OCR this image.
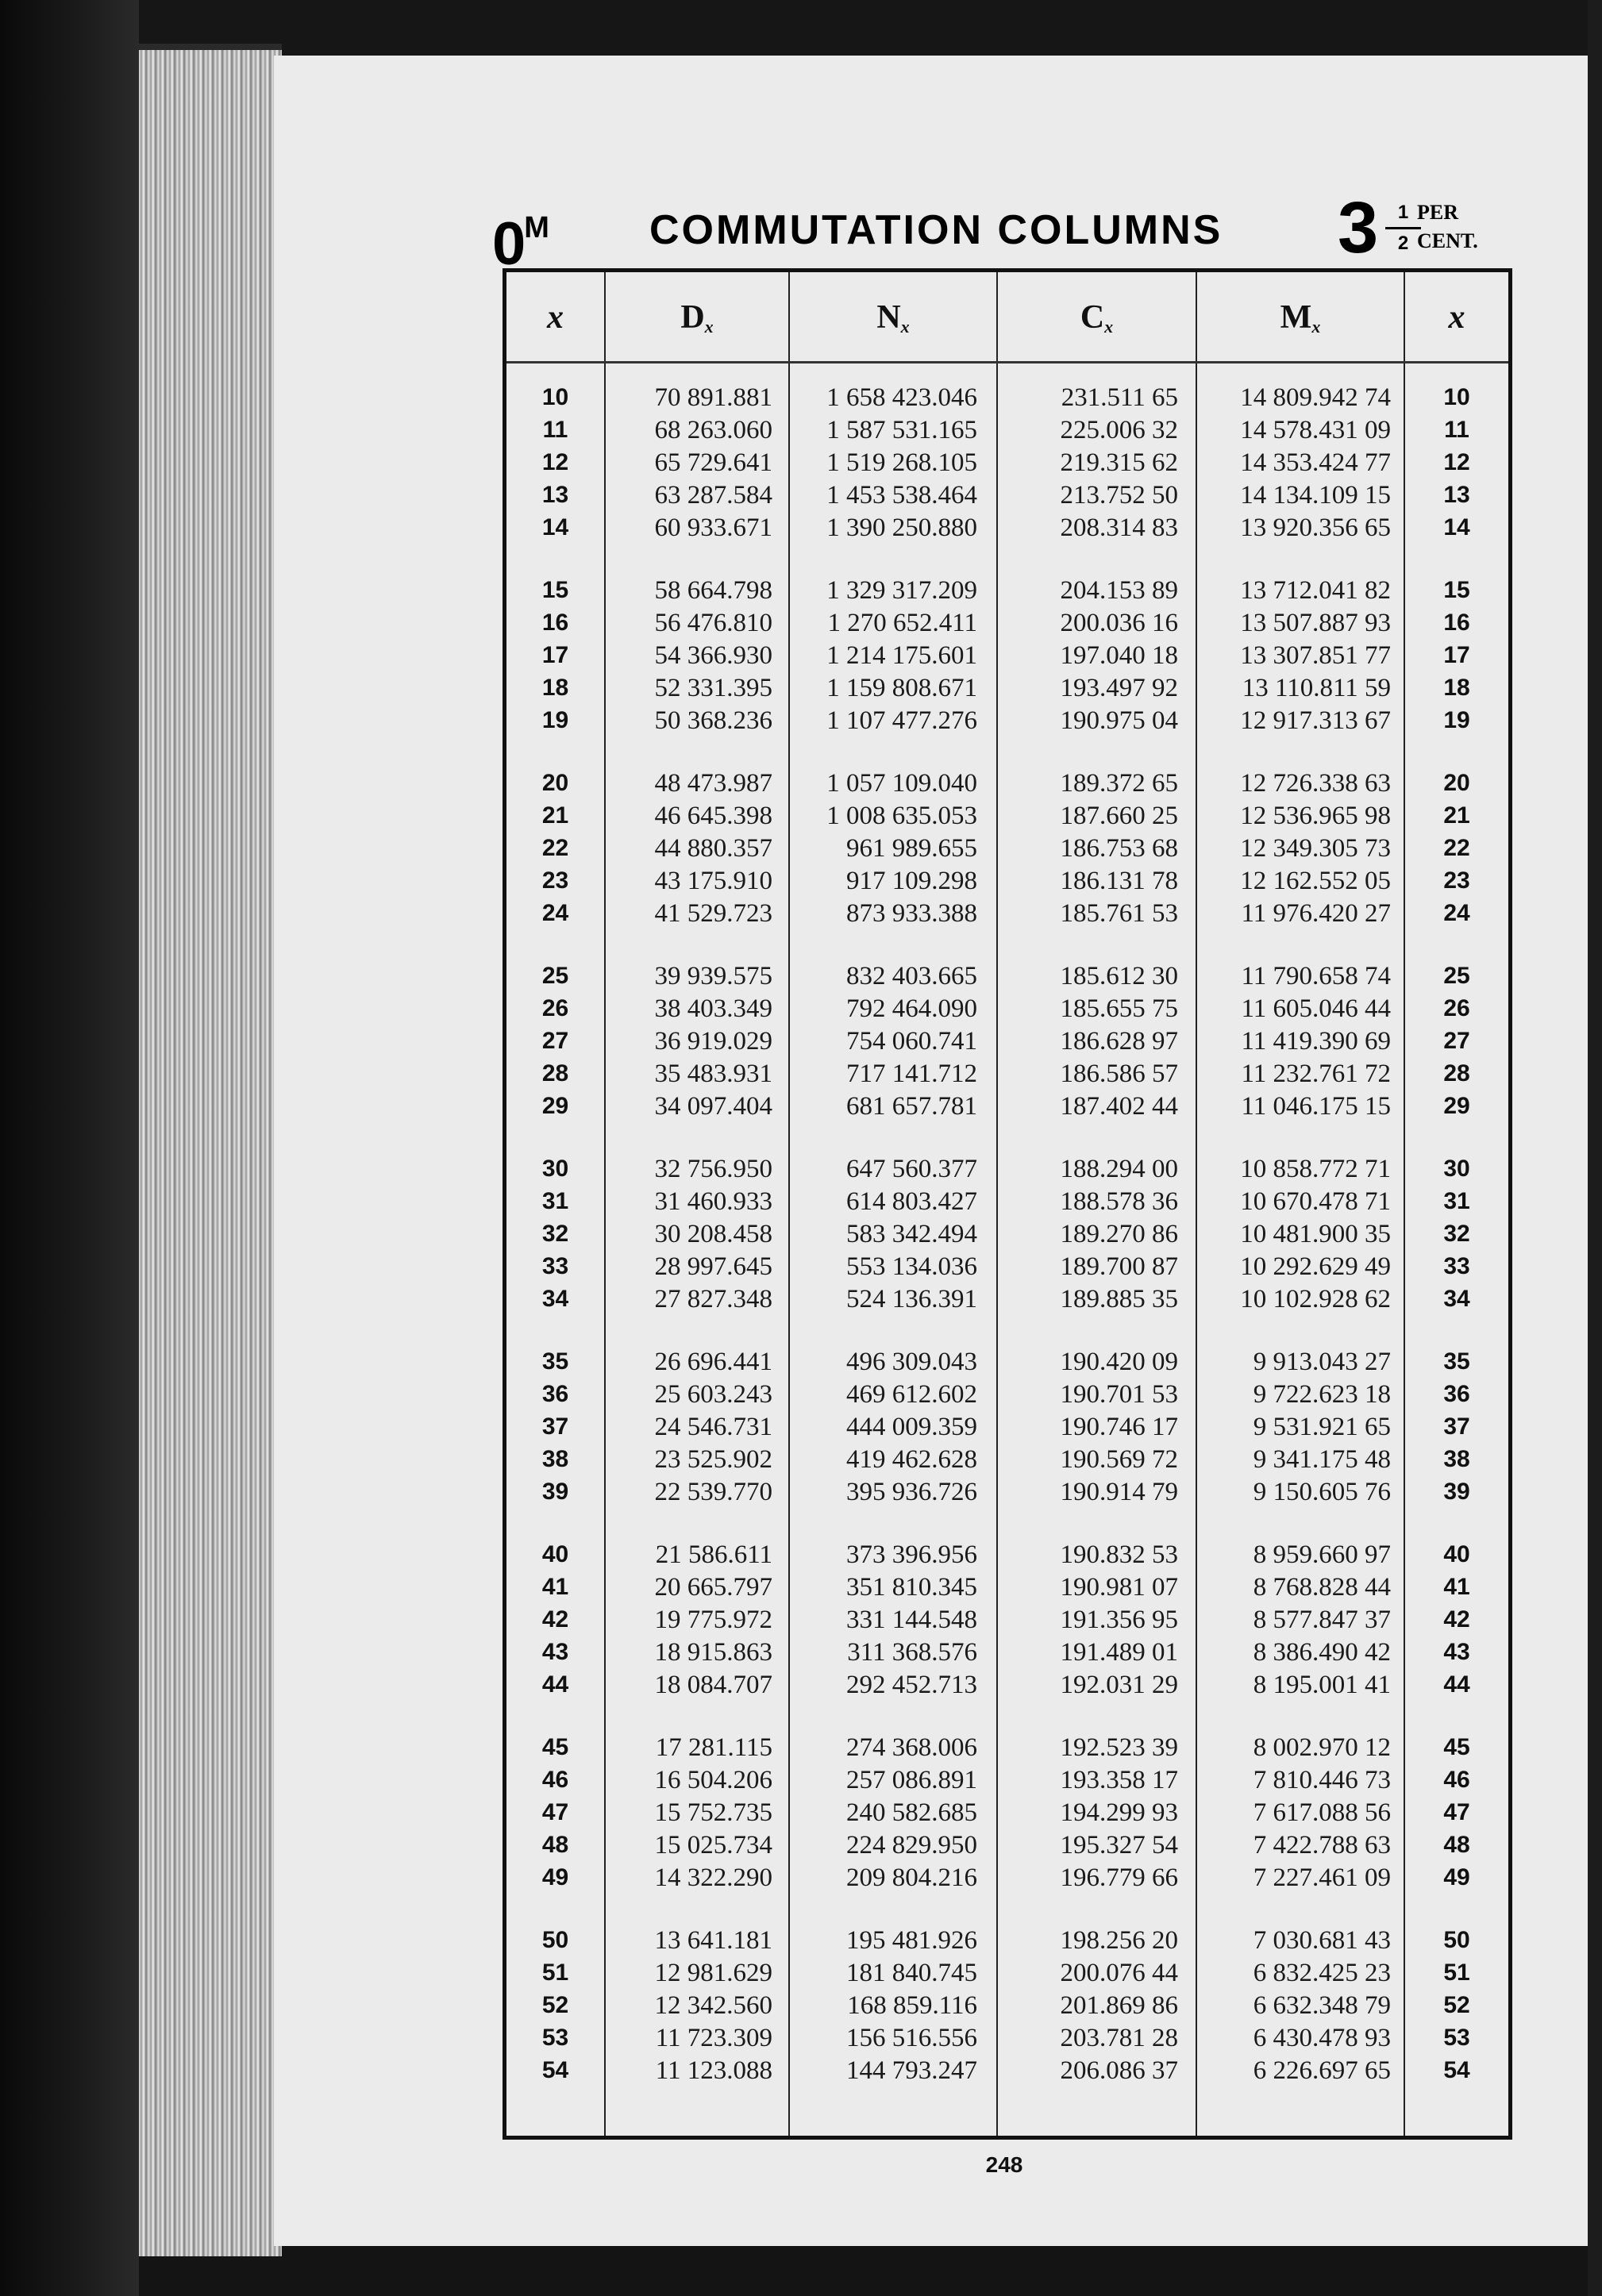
$0^M$ COMMUTATION COLUMNS	$3 \frac{1}{2}$
PER
CENT.
x	$D_x$	$N_x$	$C_x$	$M_x$	x
10	70 891.881	1 658 423.046	231.511 65	14 809.942 74	10
11	68 263.060	1 587 531.165	225.006 32	14 578.431 09	11
12	65 729.641	1 519 268.105	219.315 62	14 353.424 77	12
13	63 287.584	1 453 538.464	213.752 50	14 134.109 15	13
14	60 933.671	1 390 250.880	208.314 83	13 920.356 65	14
15	58 664.798	1 329 317.209	204.153 89	13 712.041 82	15
16	56 476.810	1 270 652.411	200.036 16	13 507.887 93	16
17	54 366.930	1 214 175.601	197.040 18	13 307.851 77	17
18	52 331.395	1 159 808.671	193.497 92	13 110.811 59	18
19	50 368.236	1 107 477.276	190.975 04	12 917.313 67	19
20	48 473.987	1 057 109.040	189.372 65	12 726.338 63	20
21	46 645.398	1 008 635.053	187.660 25	12 536.965 98	21
22	44 880.357	961 989.655	186.753 68	12 349.305 73	22
23	43 175.910	917 109.298	186.131 78	12 162.552 05	23
24	41 529.723	873 933.388	185.761 53	11 976.420 27	24
25	39 939.575	832 403.665	185.612 30	11 790.658 74	25
26	38 403.349	792 464.090	185.655 75	11 605.046 44	26
27	36 919.029	754 060.741	186.628 97	11 419.390 69	27
28	35 483.931	717 141.712	186.586 57	11 232.761 72	28
29	34 097.404	681 657.781	187.402 44	11 046.175 15	29
30	32 756.950	647 560.377	188.294 00	10 858.772 71	30
31	31 460.933	614 803.427	188.578 36	10 670.478 71	31
32	30 208.458	583 342.494	189.270 86	10 481.900 35	32
33	28 997.645	553 134.036	189.700 87	10 292.629 49	33
34	27 827.348	524 136.391	189.885 35	10 102.928 62	34
35	26 696.441	496 309.043	190.420 09	9 913.043 27	35
36	25 603.243	469 612.602	190.701 53	9 722.623 18	36
37	24 546.731	444 009.359	190.746 17	9 531.921 65	37
38	23 525.902	419 462.628	190.569 72	9 341.175 48	38
39	22 539.770	395 936.726	190.914 79	9 150.605 76	39
40	21 586.611	373 396.956	190.832 53	8 959.660 97	40
41	20 665.797	351 810.345	190.981 07	8 768.828 44	41
42	19 775.972	331 144.548	191.356 95	8 577.847 37	42
43	18 915.863	311 368.576	191.489 01	8 386.490 42	43
44	18 084.707	292 452.713	192.031 29	8 195.001 41	44
45	17 281.115	274 368.006	192.523 39	8 002.970 12	45
46	16 504.206	257 086.891	193.358 17	7 810.446 73	46
47	15 752.735	240 582.685	194.299 93	7 617.088 56	47
48	15 025.734	224 829.950	195.327 54	7 422.788 63	48
49	14 322.290	209 804.216	196.779 66	7 227.461 09	49
50	13 641.181	195 481.926	198.256 20	7 030.681 43	50
51	12 981.629	181 840.745	200.076 44	6 832.425 23	51
52	12 342.560	168 859.116	201.869 86	6 632.348 79	52
53	11 723.309	156 516.556	203.781 28	6 430.478 93	53
54	11 123.088	144 793.247	206.086 37	6 226.697 65	54
248
